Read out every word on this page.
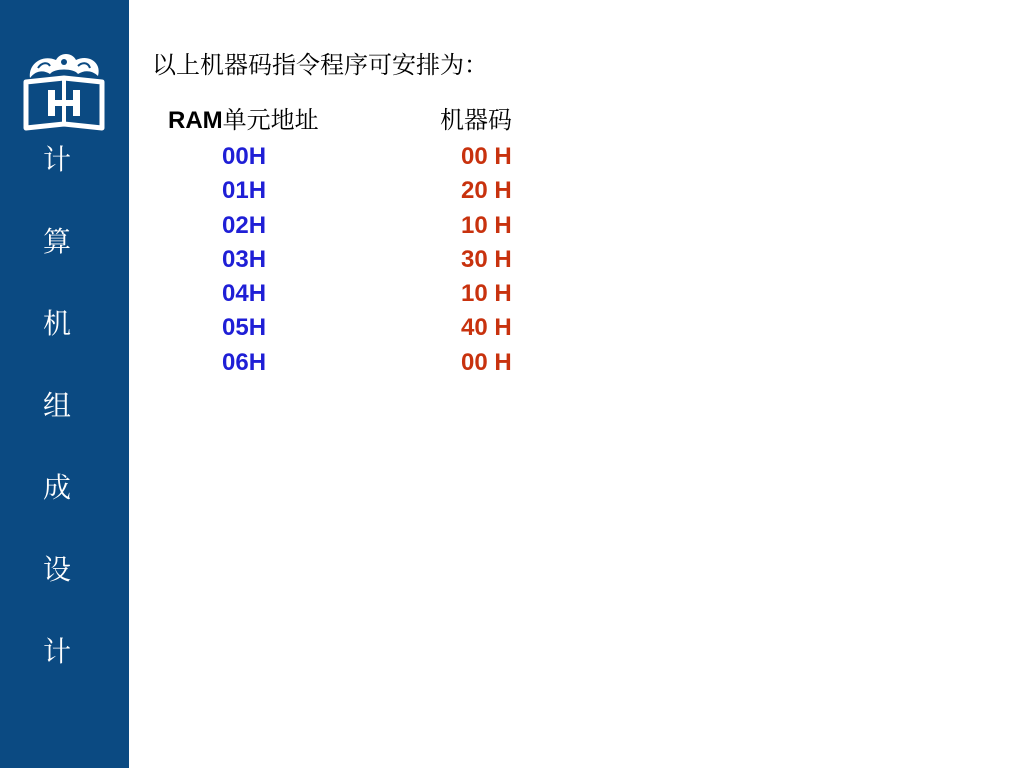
计
算
机
组
成
设
计
以上机器码指令程序可安排为：
RAM单元地址	机器码
00H	00 H
01H	20 H
02H	10 H
03H	30 H
04H	10 H
05H	40 H
06H	00 H
